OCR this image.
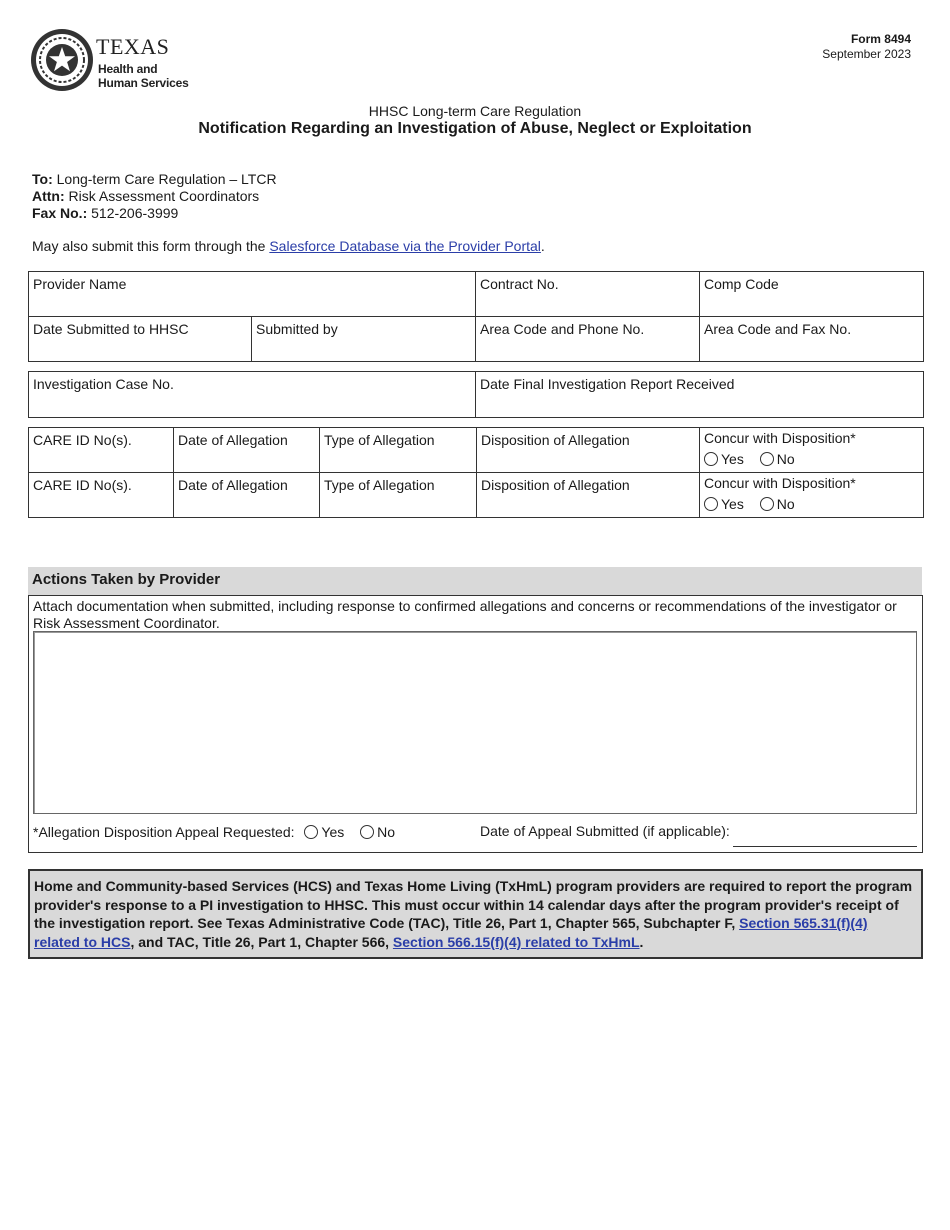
TEXAS
Health and Human Services
Form 8494
September 2023
HHSC Long-term Care Regulation
Notification Regarding an Investigation of Abuse, Neglect or Exploitation
To: Long-term Care Regulation – LTCR
Attn: Risk Assessment Coordinators
Fax No.: 512-206-3999
May also submit this form through the Salesforce Database via the Provider Portal.
Provider Name		Contract No.	Comp Code
Date Submitted to HHSC	Submitted by	Area Code and Phone No.	Area Code and Fax No.
Investigation Case No.	Date Final Investigation Report Received
CARE ID No(s).	Date of Allegation	Type of Allegation	Disposition of Allegation	Concur with Disposition*
Yes No

CARE ID No(s).	Date of Allegation	Type of Allegation	Disposition of Allegation	Concur with Disposition*
Yes No
Actions Taken by Provider
Attach documentation when submitted, including response to confirmed allegations and concerns or recommendations of the investigator or Risk Assessment Coordinator.
*Allegation Disposition Appeal Requested: Yes No	Date of Appeal Submitted (if applicable):
Home and Community-based Services (HCS) and Texas Home Living (TxHmL) program providers are required to report the program provider's response to a PI investigation to HHSC. This must occur within 14 calendar days after the program provider's receipt of the investigation report. See Texas Administrative Code (TAC), Title 26, Part 1, Chapter 565, Subchapter F, Section 565.31(f)(4) related to HCS, and TAC, Title 26, Part 1, Chapter 566, Section 566.15(f)(4) related to TxHmL.
